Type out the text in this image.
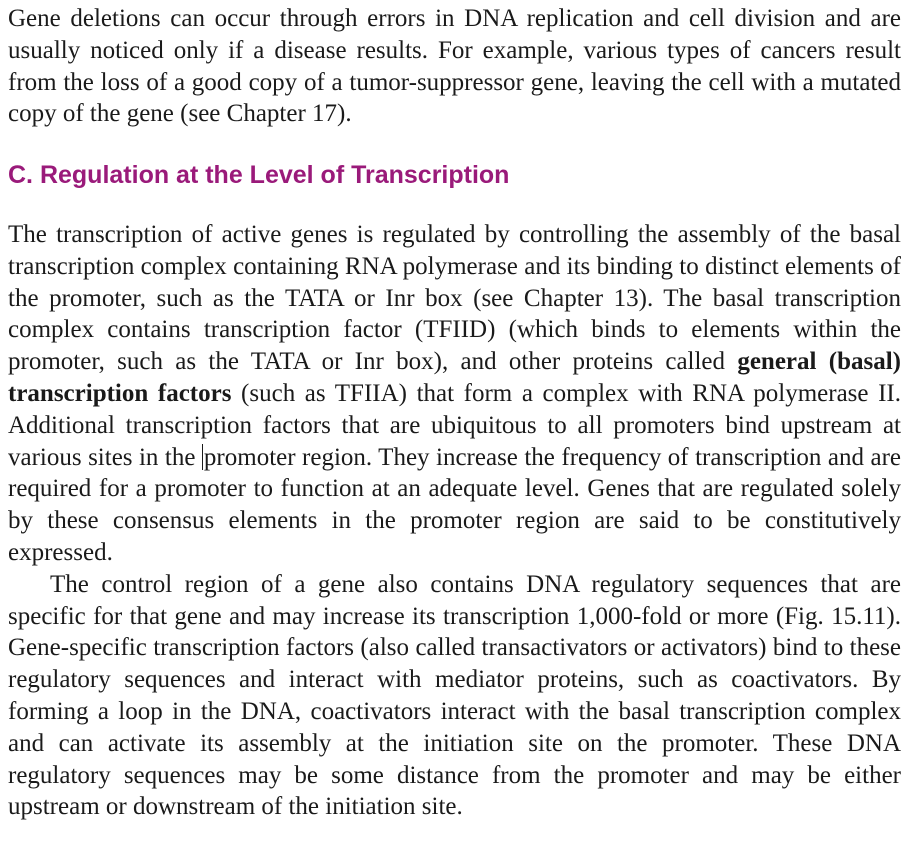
Gene deletions can occur through errors in DNA replication and cell division and are usually noticed only if a disease results. For example, various types of cancers result from the loss of a good copy of a tumor-suppressor gene, leaving the cell with a mutated copy of the gene (see Chapter 17).

C. Regulation at the Level of Transcription

The transcription of active genes is regulated by controlling the assembly of the basal transcription complex containing RNA polymerase and its binding to distinct elements of the promoter, such as the TATA or Inr box (see Chapter 13). The basal transcription complex contains transcription factor (TFIID) (which binds to elements within the promoter, such as the TATA or Inr box), and other proteins called general (basal) transcription factors (such as TFIIA) that form a complex with RNA polymerase II. Additional transcription factors that are ubiquitous to all promoters bind upstream at various sites in the promoter region. They increase the frequency of transcription and are required for a promoter to function at an adequate level. Genes that are regulated solely by these consensus elements in the promoter region are said to be constitutively expressed.

The control region of a gene also contains DNA regulatory sequences that are specific for that gene and may increase its transcription 1,000-fold or more (Fig. 15.11). Gene-specific transcription factors (also called transactivators or activators) bind to these regulatory sequences and interact with mediator proteins, such as coactivators. By forming a loop in the DNA, coactivators interact with the basal transcription complex and can activate its assembly at the initiation site on the promoter. These DNA regulatory sequences may be some distance from the promoter and may be either upstream or downstream of the initiation site.
